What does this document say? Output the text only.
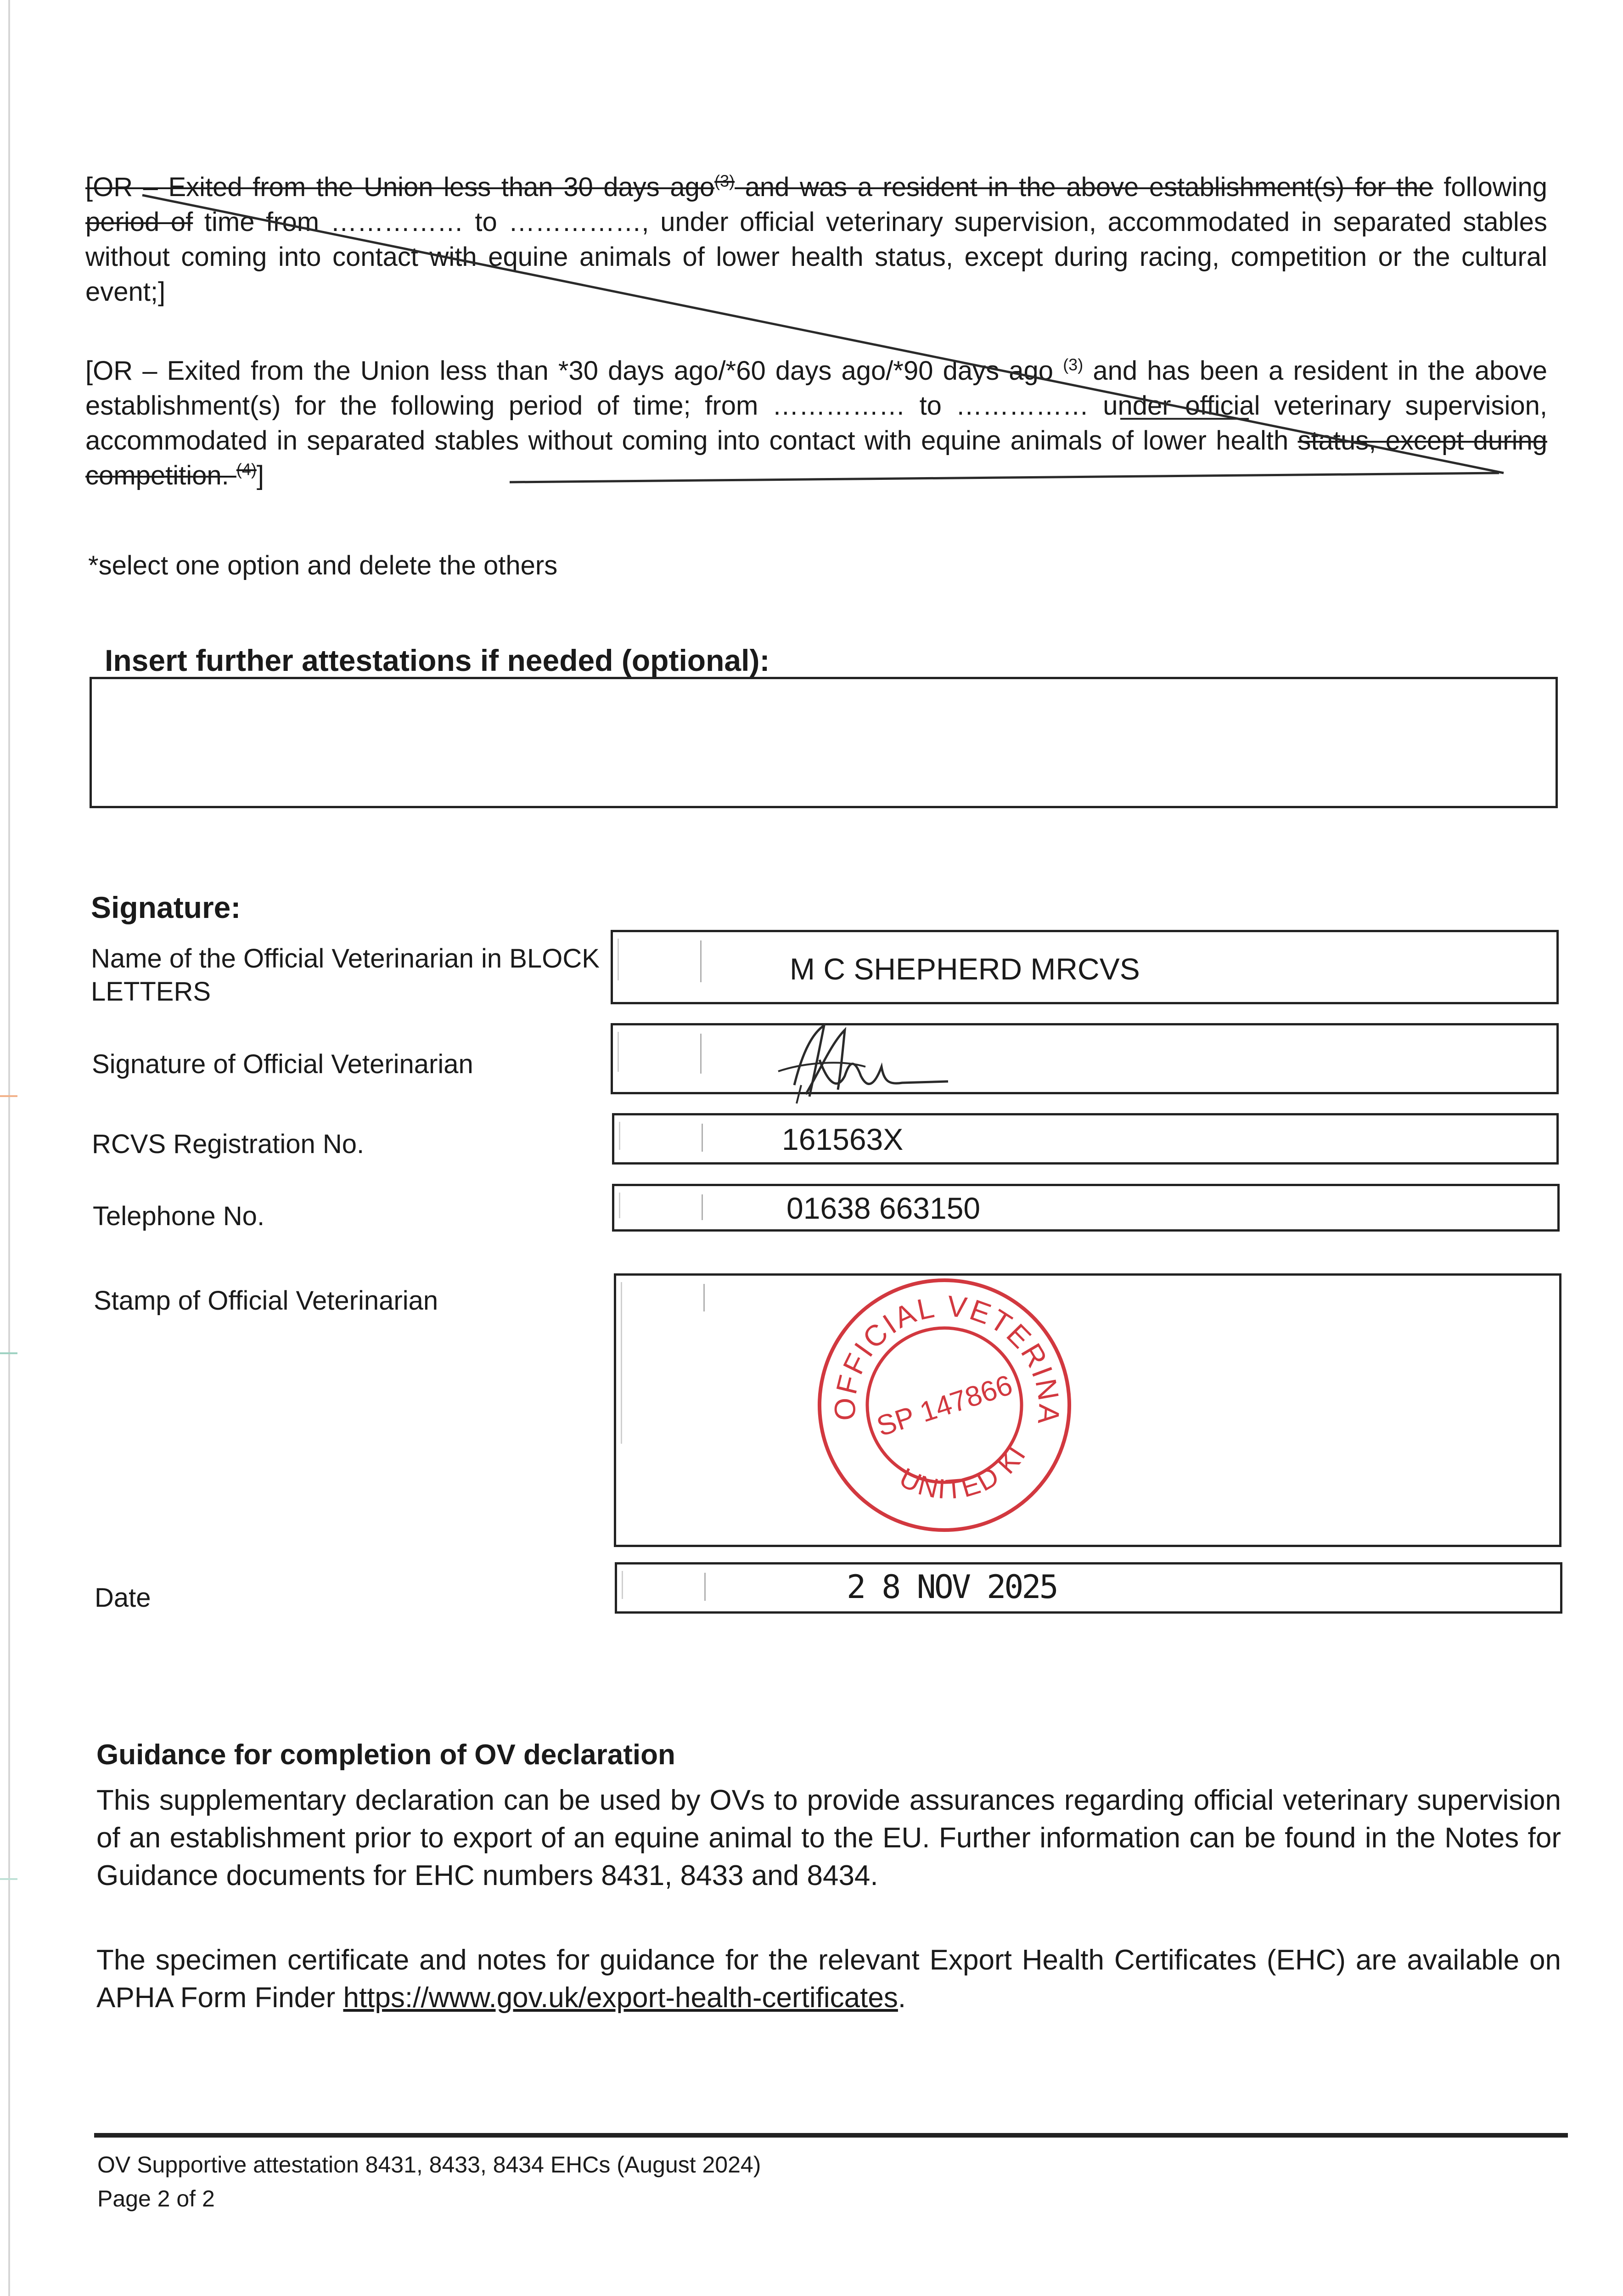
[OR – Exited from the Union less than 30 days ago$^{(3)}$ and was a resident in the above establishment(s) for the following period of time from …………… to ……………, under official veterinary supervision, accommodated in separated stables without coming into contact with equine animals of lower health status, except during racing, competition or the cultural event;]
[OR – Exited from the Union less than *30 days ago/*60 days ago/*90 days ago $^{(3)}$ and has been a resident in the above establishment(s) for the following period of time; from …………… to …………… under official veterinary supervision, accommodated in separated stables without coming into contact with equine animals of lower health status, except during competition. $^{(4)}$]
*select one option and delete the others
Insert further attestations if needed (optional):
Signature:
Name of the Official Veterinarian in BLOCK LETTERS
M C SHEPHERD MRCVS
Signature of Official Veterinarian
RCVS Registration No.	161563X
Telephone No.	01638 663150
Stamp of Official Veterinarian
OFFICIAL VETERINARIAN
UNITED KINGDOM
SP 147866
Date	2 8 NOV 2025
Guidance for completion of OV declaration
This supplementary declaration can be used by OVs to provide assurances regarding official veterinary supervision of an establishment prior to export of an equine animal to the EU. Further information can be found in the Notes for Guidance documents for EHC numbers 8431, 8433 and 8434.
The specimen certificate and notes for guidance for the relevant Export Health Certificates (EHC) are available on APHA Form Finder https://www.gov.uk/export-health-certificates.
OV Supportive attestation 8431, 8433, 8434 EHCs (August 2024)
Page 2 of 2
